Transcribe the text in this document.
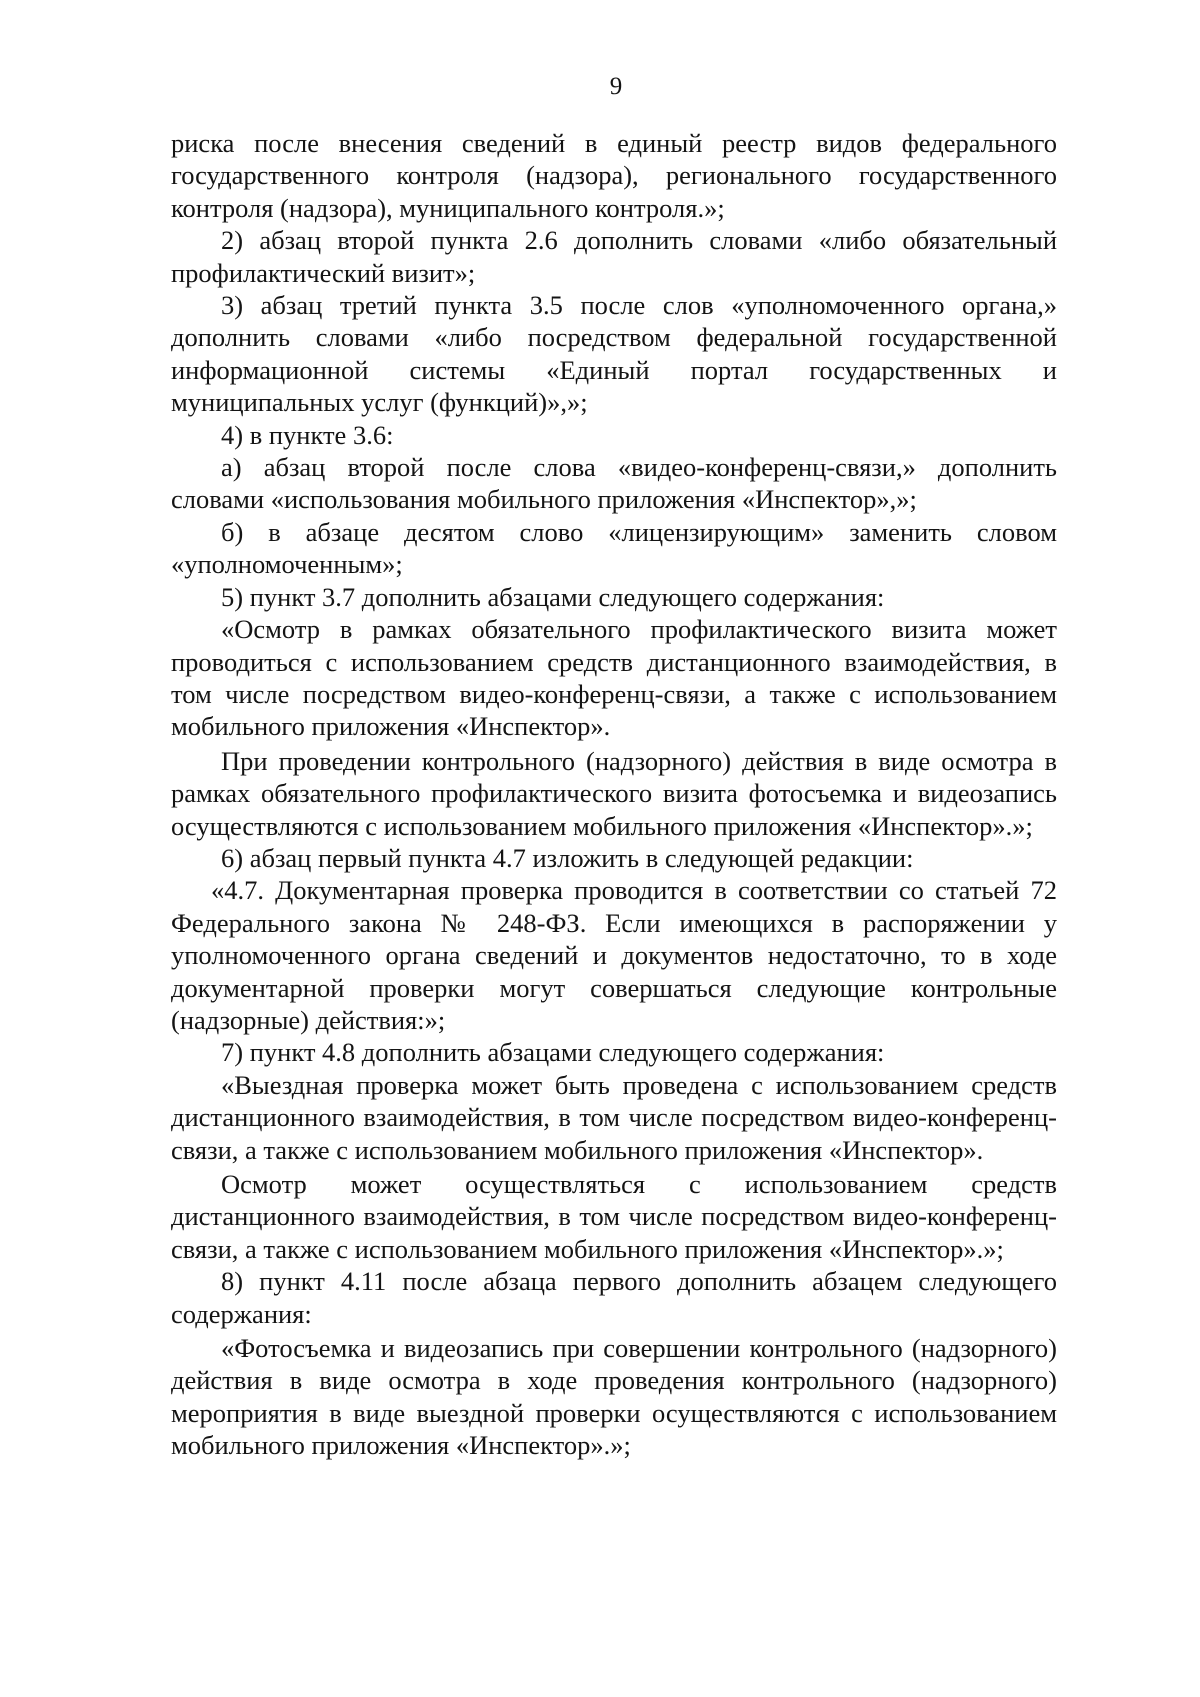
9

риска после внесения сведений в единый реестр видов федерального государственного контроля (надзора), регионального государственного контроля (надзора), муниципального контроля.»;

2) абзац второй пункта 2.6 дополнить словами «либо обязательный профилактический визит»;

3) абзац третий пункта 3.5 после слов «уполномоченного органа,» дополнить словами «либо посредством федеральной государственной информационной системы «Единый портал государственных и муниципальных услуг (функций)»,»;

4) в пункте 3.6:

а) абзац второй после слова «видео-конференц-связи,» дополнить словами «использования мобильного приложения «Инспектор»,»;

б) в абзаце десятом слово «лицензирующим» заменить словом «уполномоченным»;

5) пункт 3.7 дополнить абзацами следующего содержания:

«Осмотр в рамках обязательного профилактического визита может проводиться с использованием средств дистанционного взаимодействия, в том числе посредством видео-конференц-связи, а также с использованием мобильного приложения «Инспектор».

При проведении контрольного (надзорного) действия в виде осмотра в рамках обязательного профилактического визита фотосъемка и видеозапись осуществляются с использованием мобильного приложения «Инспектор».»;

6) абзац первый пункта 4.7 изложить в следующей редакции:

«4.7. Документарная проверка проводится в соответствии со статьей 72 Федерального закона № 248-ФЗ. Если имеющихся в распоряжении у уполномоченного органа сведений и документов недостаточно, то в ходе документарной проверки могут совершаться следующие контрольные (надзорные) действия:»;

7) пункт 4.8 дополнить абзацами следующего содержания:

«Выездная проверка может быть проведена с использованием средств дистанционного взаимодействия, в том числе посредством видео-конференц-связи, а также с использованием мобильного приложения «Инспектор».

Осмотр может осуществляться с использованием средств дистанционного взаимодействия, в том числе посредством видео-конференц-связи, а также с использованием мобильного приложения «Инспектор».»;

8) пункт 4.11 после абзаца первого дополнить абзацем следующего содержания:

«Фотосъемка и видеозапись при совершении контрольного (надзорного) действия в виде осмотра в ходе проведения контрольного (надзорного) мероприятия в виде выездной проверки осуществляются с использованием мобильного приложения «Инспектор».»;
